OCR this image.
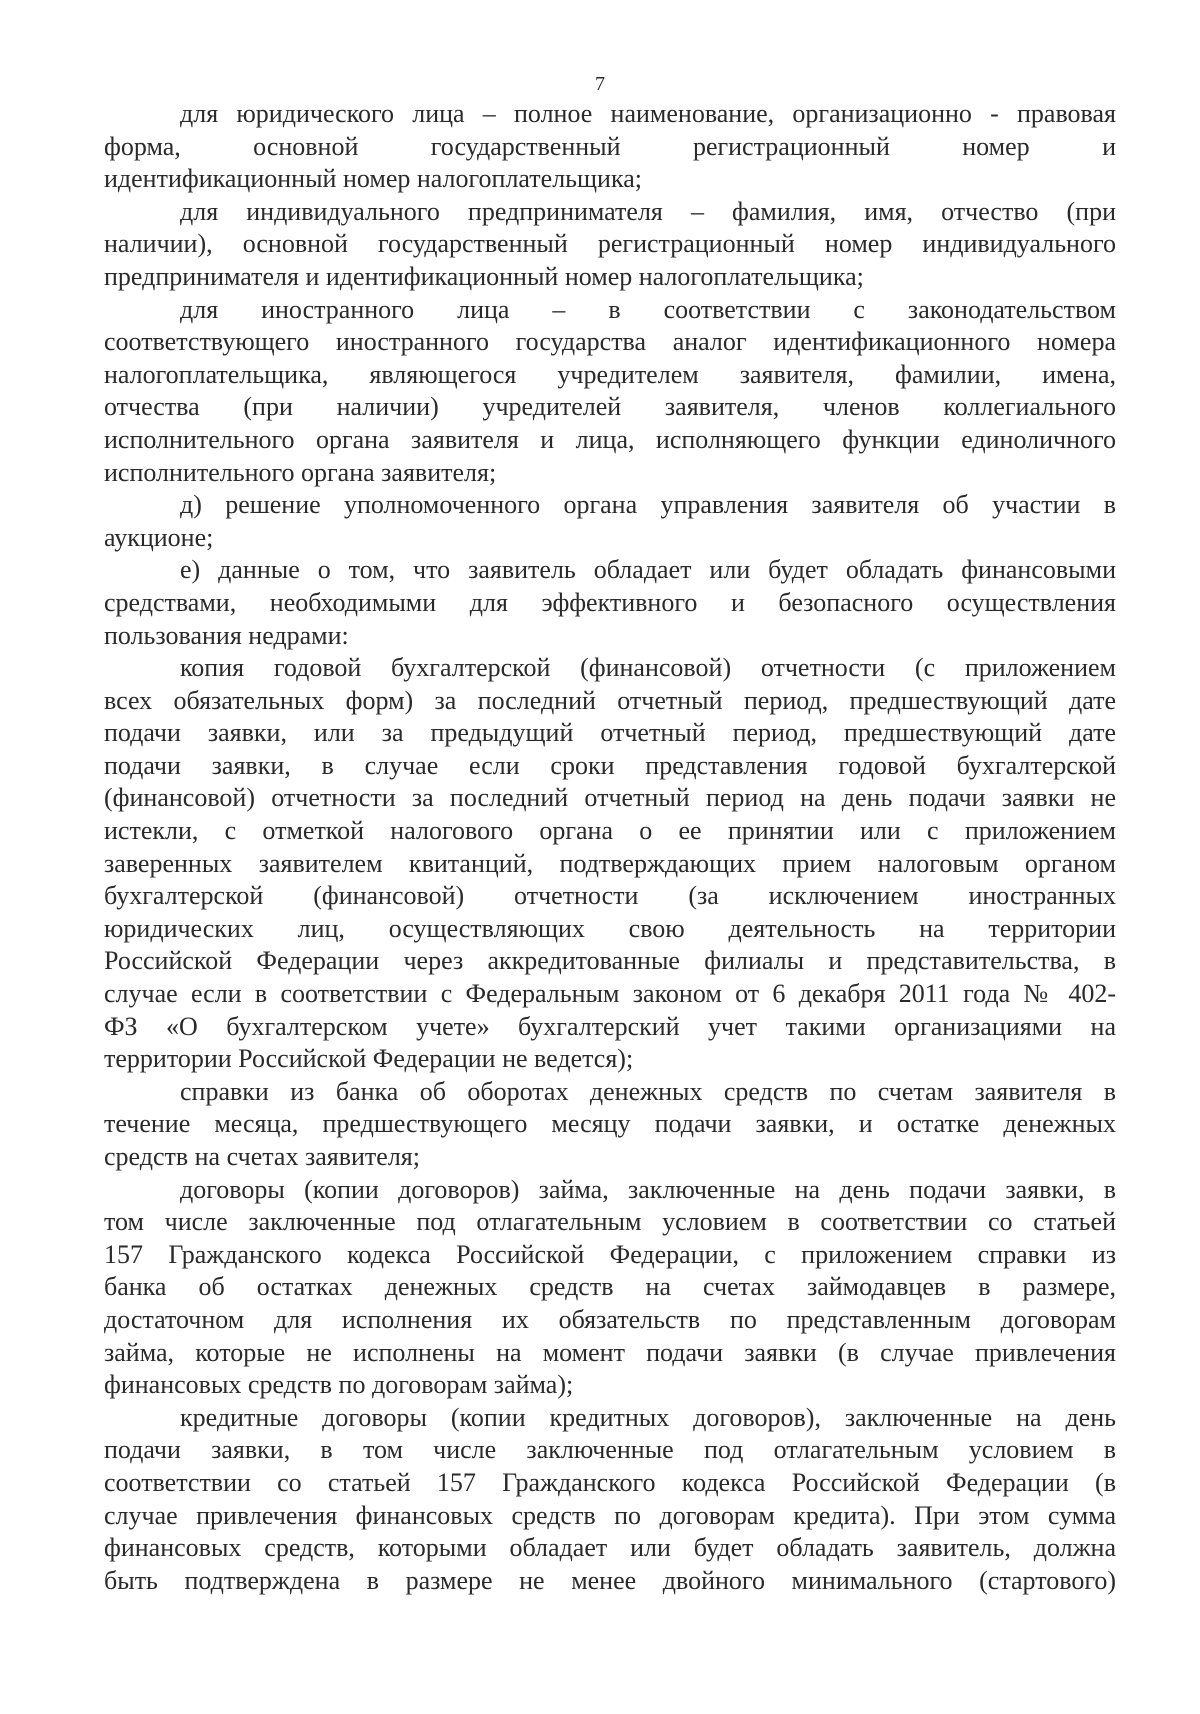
7
для юридического лица – полное наименование, организационно - правовая
форма, основной государственный регистрационный номер и
идентификационный номер налогоплательщика;
для индивидуального предпринимателя – фамилия, имя, отчество (при
наличии), основной государственный регистрационный номер индивидуального
предпринимателя и идентификационный номер налогоплательщика;
для иностранного лица – в соответствии с законодательством
соответствующего иностранного государства аналог идентификационного номера
налогоплательщика, являющегося учредителем заявителя, фамилии, имена,
отчества (при наличии) учредителей заявителя, членов коллегиального
исполнительного органа заявителя и лица, исполняющего функции единоличного
исполнительного органа заявителя;
д) решение уполномоченного органа управления заявителя об участии в
аукционе;
е) данные о том, что заявитель обладает или будет обладать финансовыми
средствами, необходимыми для эффективного и безопасного осуществления
пользования недрами:
копия годовой бухгалтерской (финансовой) отчетности (с приложением
всех обязательных форм) за последний отчетный период, предшествующий дате
подачи заявки, или за предыдущий отчетный период, предшествующий дате
подачи заявки, в случае если сроки представления годовой бухгалтерской
(финансовой) отчетности за последний отчетный период на день подачи заявки не
истекли, с отметкой налогового органа о ее принятии или с приложением
заверенных заявителем квитанций, подтверждающих прием налоговым органом
бухгалтерской (финансовой) отчетности (за исключением иностранных
юридических лиц, осуществляющих свою деятельность на территории
Российской Федерации через аккредитованные филиалы и представительства, в
случае если в соответствии с Федеральным законом от 6 декабря 2011 года № 402-
ФЗ «О бухгалтерском учете» бухгалтерский учет такими организациями на
территории Российской Федерации не ведется);
справки из банка об оборотах денежных средств по счетам заявителя в
течение месяца, предшествующего месяцу подачи заявки, и остатке денежных
средств на счетах заявителя;
договоры (копии договоров) займа, заключенные на день подачи заявки, в
том числе заключенные под отлагательным условием в соответствии со статьей
157 Гражданского кодекса Российской Федерации, с приложением справки из
банка об остатках денежных средств на счетах займодавцев в размере,
достаточном для исполнения их обязательств по представленным договорам
займа, которые не исполнены на момент подачи заявки (в случае привлечения
финансовых средств по договорам займа);
кредитные договоры (копии кредитных договоров), заключенные на день
подачи заявки, в том числе заключенные под отлагательным условием в
соответствии со статьей 157 Гражданского кодекса Российской Федерации (в
случае привлечения финансовых средств по договорам кредита). При этом сумма
финансовых средств, которыми обладает или будет обладать заявитель, должна
быть подтверждена в размере не менее двойного минимального (стартового)
